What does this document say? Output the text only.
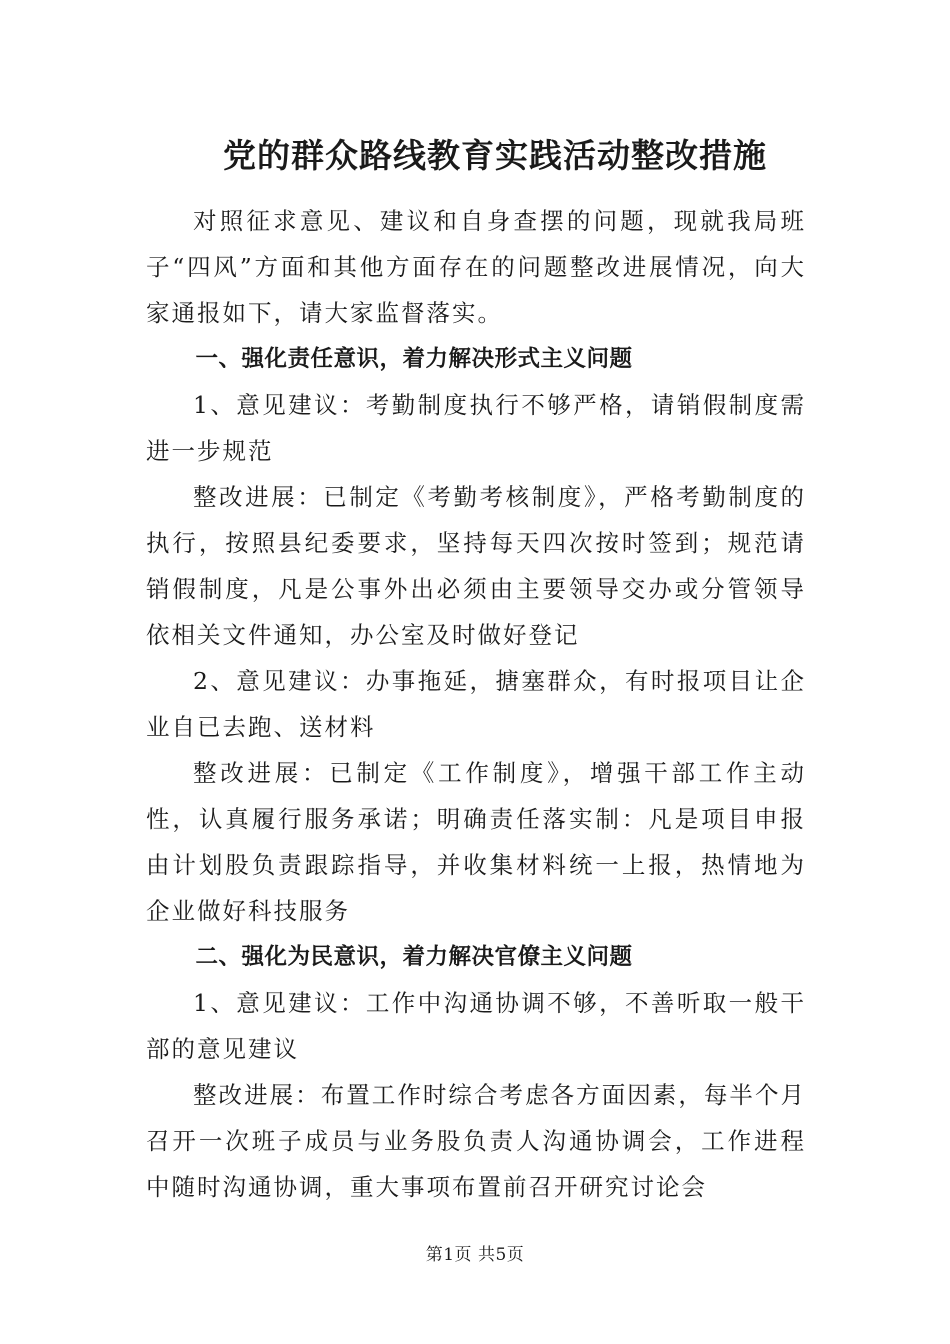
党的群众路线教育实践活动整改措施

对照征求意见、建议和自身查摆的问题，现就我局班子“四风”方面和其他方面存在的问题整改进展情况，向大家通报如下，请大家监督落实。

一、强化责任意识，着力解决形式主义问题

1、意见建议：考勤制度执行不够严格，请销假制度需进一步规范

整改进展：已制定《考勤考核制度》，严格考勤制度的执行，按照县纪委要求，坚持每天四次按时签到；规范请销假制度，凡是公事外出必须由主要领导交办或分管领导依相关文件通知，办公室及时做好登记

2、意见建议：办事拖延，搪塞群众，有时报项目让企业自已去跑、送材料

整改进展：已制定《工作制度》，增强干部工作主动性，认真履行服务承诺；明确责任落实制：凡是项目申报由计划股负责跟踪指导，并收集材料统一上报，热情地为企业做好科技服务

二、强化为民意识，着力解决官僚主义问题

1、意见建议：工作中沟通协调不够，不善听取一般干部的意见建议

整改进展：布置工作时综合考虑各方面因素，每半个月召开一次班子成员与业务股负责人沟通协调会，工作进程中随时沟通协调，重大事项布置前召开研究讨论会

第1页 共5页
